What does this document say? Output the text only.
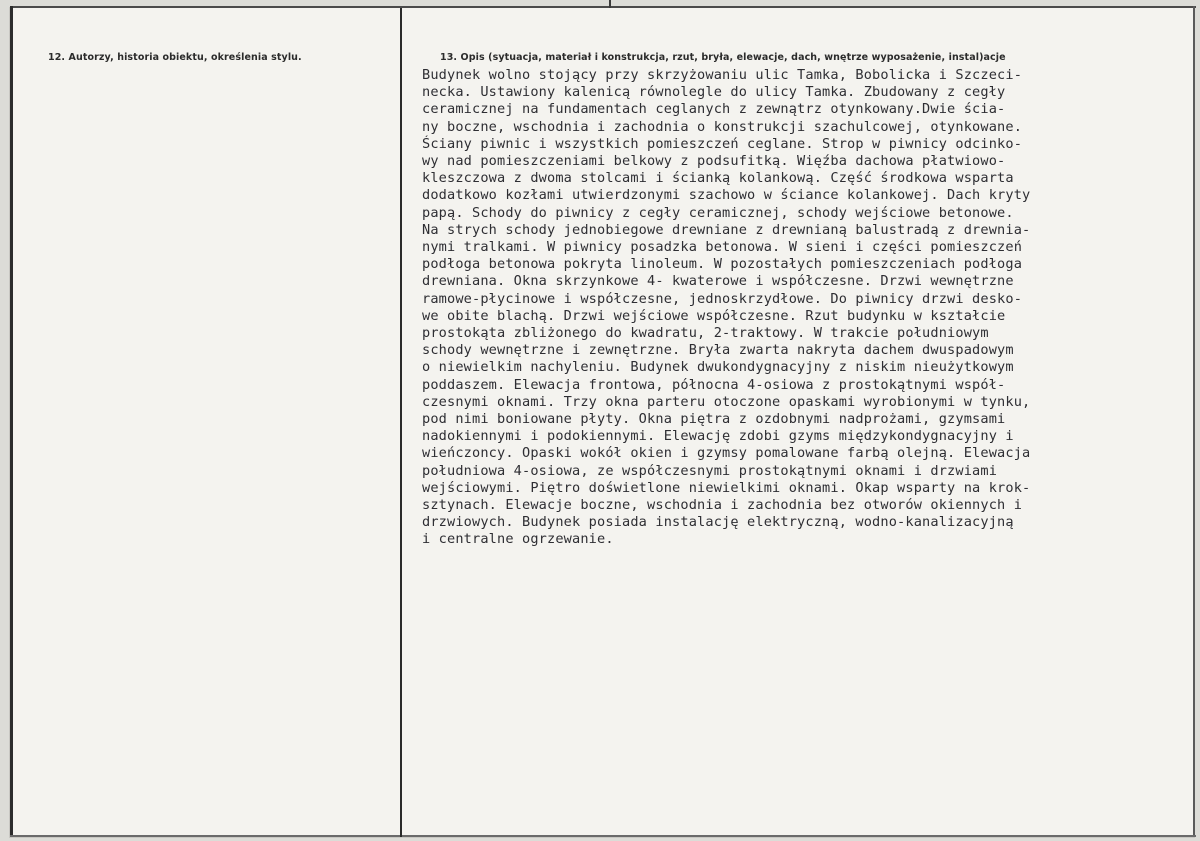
12. Autorzy, historia obiektu, określenia stylu.	13. Opis (sytuacja, materiał i konstrukcja, rzut, bryła, elewacje, dach, wnętrze wyposażenie, instal)acje
Budynek wolno stojący przy skrzyżowaniu ulic Tamka, Bobolicka i Szczeci-
necka. Ustawiony kalenicą równolegle do ulicy Tamka. Zbudowany z cegły
ceramicznej na fundamentach ceglanych z zewnątrz otynkowany.Dwie ścia-
ny boczne, wschodnia i zachodnia o konstrukcji szachulcowej, otynkowane.
Ściany piwnic i wszystkich pomieszczeń ceglane. Strop w piwnicy odcinko-
wy nad pomieszczeniami belkowy z podsufitką. Więźba dachowa płatwiowo-
kleszczowa z dwoma stolcami i ścianką kolankową. Część środkowa wsparta
dodatkowo kozłami utwierdzonymi szachowo w ściance kolankowej. Dach kryty
papą. Schody do piwnicy z cegły ceramicznej, schody wejściowe betonowe.
Na strych schody jednobiegowe drewniane z drewnianą balustradą z drewnia-
nymi tralkami. W piwnicy posadzka betonowa. W sieni i części pomieszczeń
podłoga betonowa pokryta linoleum. W pozostałych pomieszczeniach podłoga
drewniana. Okna skrzynkowe 4- kwaterowe i współczesne. Drzwi wewnętrzne
ramowe-płycinowe i współczesne, jednoskrzydłowe. Do piwnicy drzwi desko-
we obite blachą. Drzwi wejściowe współczesne. Rzut budynku w kształcie
prostokąta zbliżonego do kwadratu, 2-traktowy. W trakcie południowym
schody wewnętrzne i zewnętrzne. Bryła zwarta nakryta dachem dwuspadowym
o niewielkim nachyleniu. Budynek dwukondygnacyjny z niskim nieużytkowym
poddaszem. Elewacja frontowa, północna 4-osiowa z prostokątnymi współ-
czesnymi oknami. Trzy okna parteru otoczone opaskami wyrobionymi w tynku,
pod nimi boniowane płyty. Okna piętra z ozdobnymi nadprożami, gzymsami
nadokiennymi i podokiennymi. Elewację zdobi gzyms międzykondygnacyjny i
wieńczoncy. Opaski wokół okien i gzymsy pomalowane farbą olejną. Elewacja
południowa 4-osiowa, ze współczesnymi prostokątnymi oknami i drzwiami
wejściowymi. Piętro doświetlone niewielkimi oknami. Okap wsparty na krok-
sztynach. Elewacje boczne, wschodnia i zachodnia bez otworów okiennych i
drzwiowych. Budynek posiada instalację elektryczną, wodno-kanalizacyjną
i centralne ogrzewanie.
